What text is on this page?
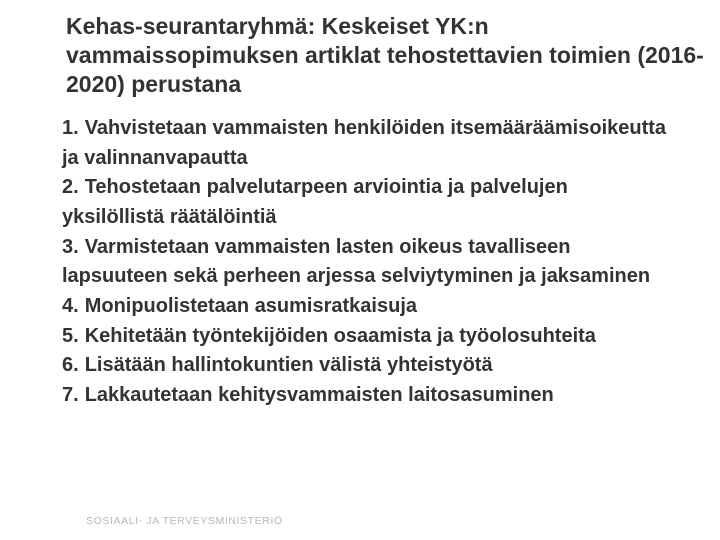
Kehas-seurantaryhmä: Keskeiset YK:n vammaissopimuksen artiklat tehostettavien toimien (2016-2020) perustana
1. Vahvistetaan vammaisten henkilöiden itsemääräämisoikeutta ja valinnanvapautta
2. Tehostetaan palvelutarpeen arviointia ja palvelujen yksilöllistä räätälöintiä
3. Varmistetaan vammaisten lasten oikeus tavalliseen lapsuuteen sekä perheen arjessa selviytyminen ja jaksaminen
4. Monipuolistetaan asumisratkaisuja
5. Kehitetään työntekijöiden osaamista ja työolosuhteita
6. Lisätään hallintokuntien välistä yhteistyötä
7. Lakkautetaan kehitysvammaisten laitosasuminen
SOSIAALI- JA TERVEYSMINISTERIÖ
